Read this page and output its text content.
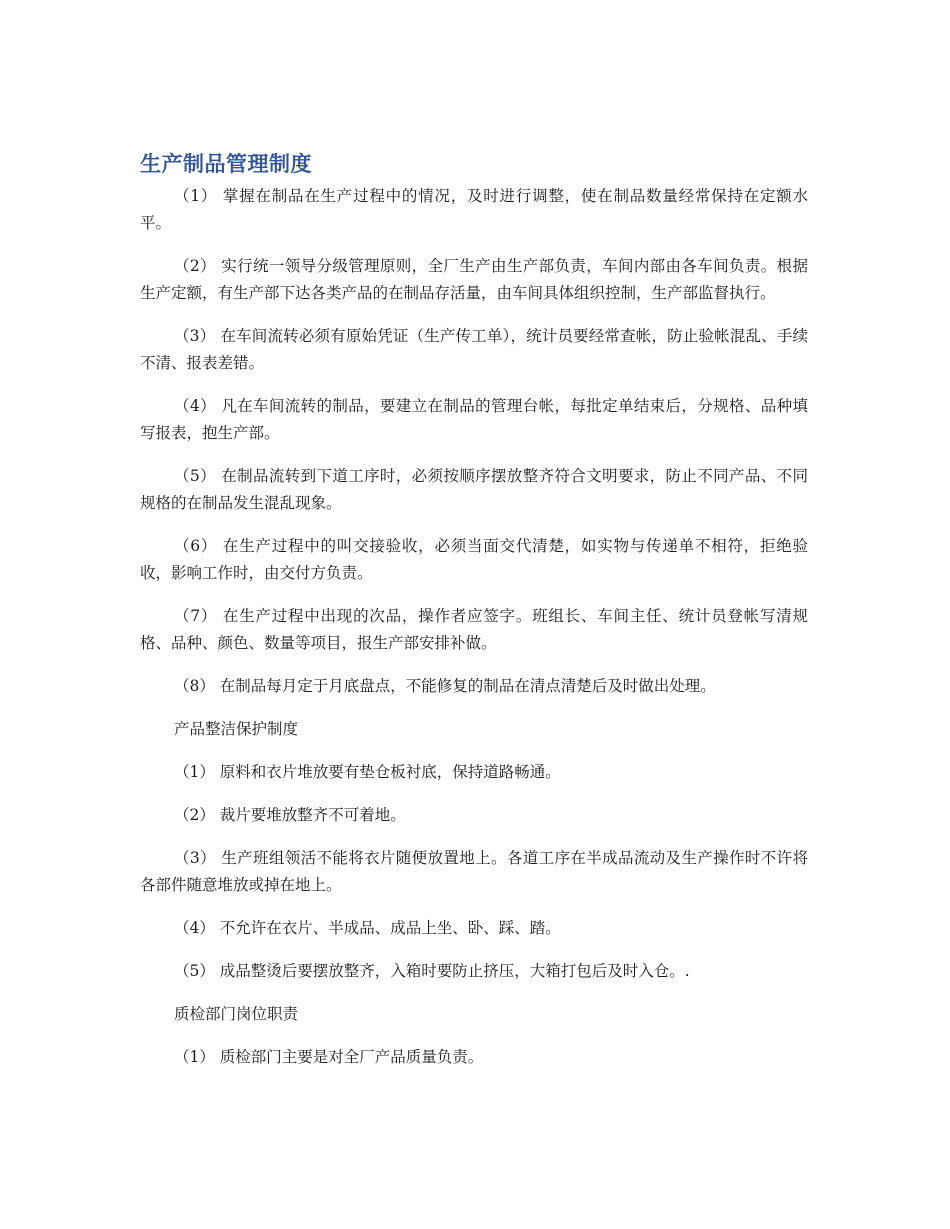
生产制品管理制度

（1） 掌握在制品在生产过程中的情况，及时进行调整，使在制品数量经常保持在定额水平。

（2） 实行统一领导分级管理原则，全厂生产由生产部负责，车间内部由各车间负责。根据生产定额，有生产部下达各类产品的在制品存活量，由车间具体组织控制，生产部监督执行。

（3） 在车间流转必须有原始凭证（生产传工单），统计员要经常查帐，防止验帐混乱、手续不清、报表差错。

（4） 凡在车间流转的制品，要建立在制品的管理台帐，每批定单结束后，分规格、品种填写报表，抱生产部。

（5） 在制品流转到下道工序时，必须按顺序摆放整齐符合文明要求，防止不同产品、不同规格的在制品发生混乱现象。

（6） 在生产过程中的叫交接验收，必须当面交代清楚，如实物与传递单不相符，拒绝验收，影响工作时，由交付方负责。

（7） 在生产过程中出现的次品，操作者应签字。班组长、车间主任、统计员登帐写清规格、品种、颜色、数量等项目，报生产部安排补做。

（8） 在制品每月定于月底盘点，不能修复的制品在清点清楚后及时做出处理。

产品整洁保护制度

（1） 原料和衣片堆放要有垫仓板衬底，保持道路畅通。

（2） 裁片要堆放整齐不可着地。

（3） 生产班组领活不能将衣片随便放置地上。各道工序在半成品流动及生产操作时不许将各部件随意堆放或掉在地上。

（4） 不允许在衣片、半成品、成品上坐、卧、踩、踏。

（5） 成品整烫后要摆放整齐，入箱时要防止挤压，大箱打包后及时入仓。.

质检部门岗位职责

（1） 质检部门主要是对全厂产品质量负责。
